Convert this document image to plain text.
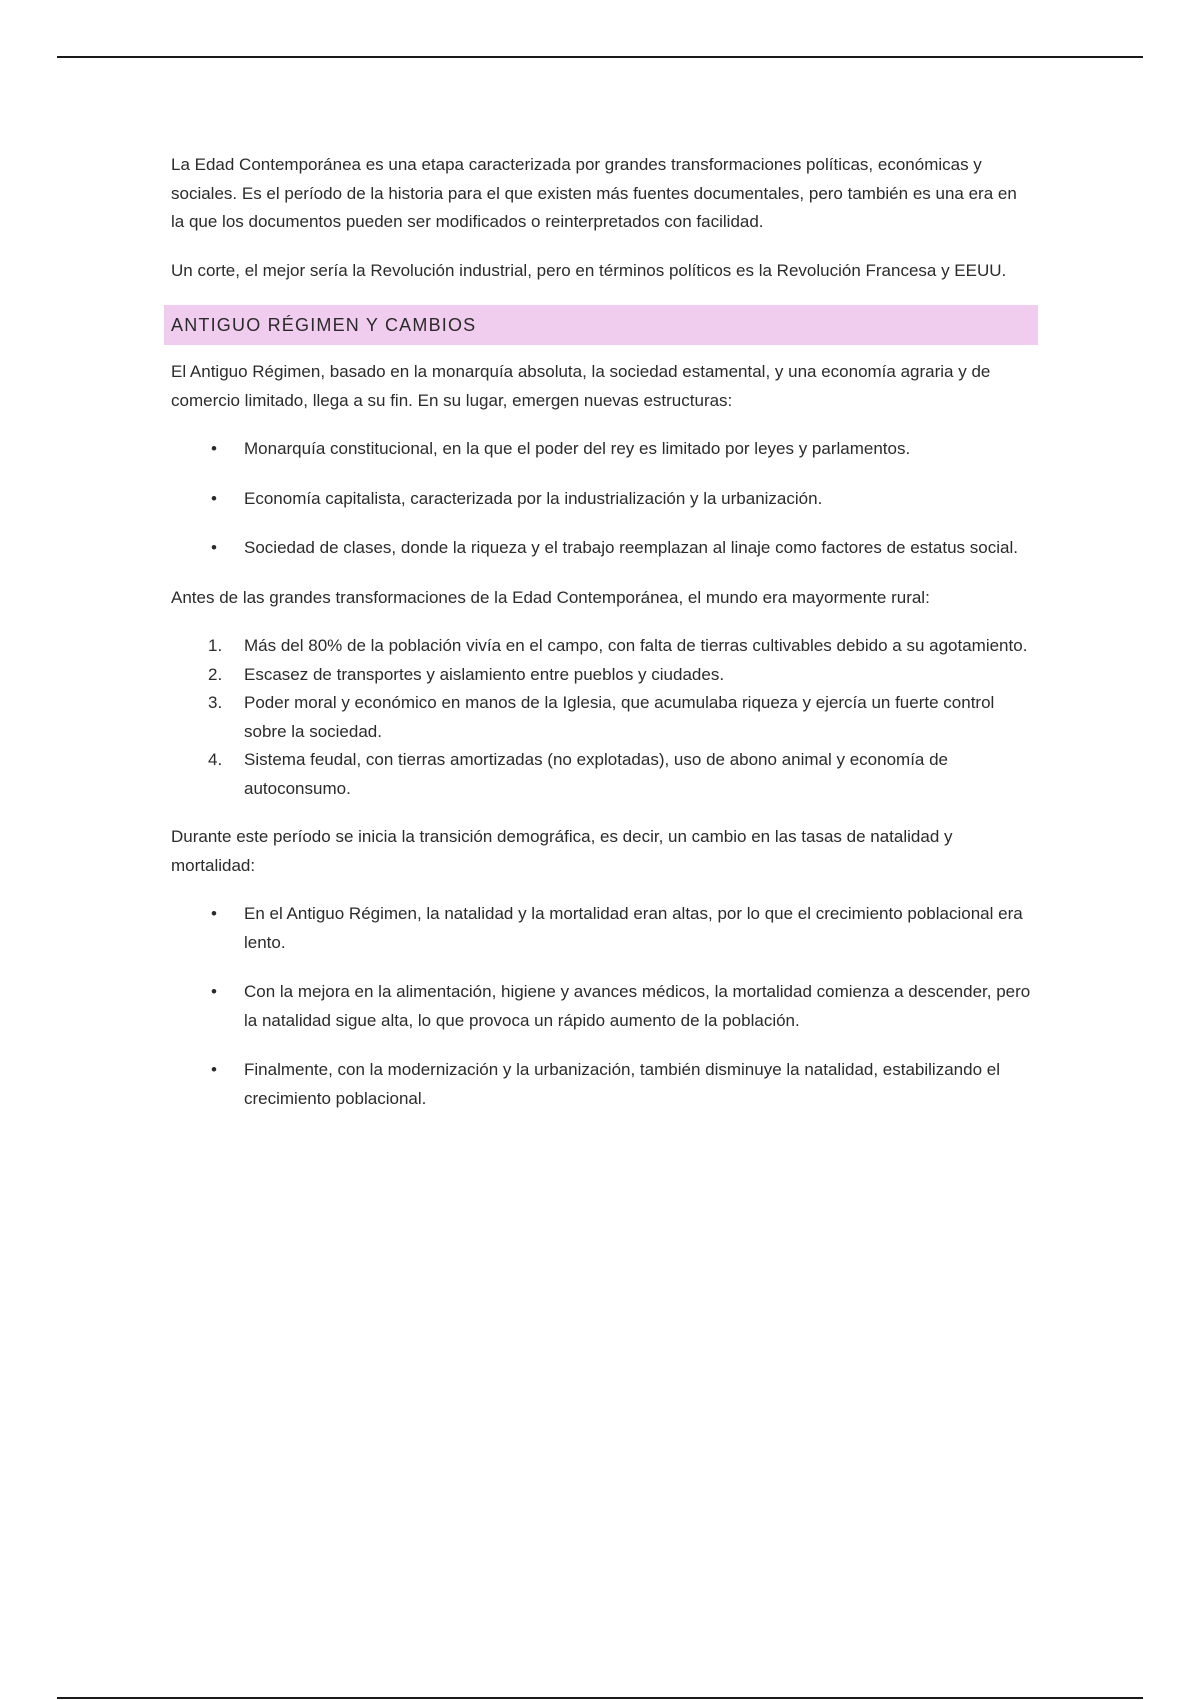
La Edad Contemporánea es una etapa caracterizada por grandes transformaciones políticas, económicas y sociales. Es el período de la historia para el que existen más fuentes documentales, pero también es una era en la que los documentos pueden ser modificados o reinterpretados con facilidad.

Un corte, el mejor sería la Revolución industrial, pero en términos políticos es la Revolución Francesa y EEUU.

ANTIGUO RÉGIMEN Y CAMBIOS

El Antiguo Régimen, basado en la monarquía absoluta, la sociedad estamental, y una economía agraria y de comercio limitado, llega a su fin. En su lugar, emergen nuevas estructuras:

• Monarquía constitucional, en la que el poder del rey es limitado por leyes y parlamentos.
• Economía capitalista, caracterizada por la industrialización y la urbanización.
• Sociedad de clases, donde la riqueza y el trabajo reemplazan al linaje como factores de estatus social.

Antes de las grandes transformaciones de la Edad Contemporánea, el mundo era mayormente rural:

1. Más del 80% de la población vivía en el campo, con falta de tierras cultivables debido a su agotamiento.
2. Escasez de transportes y aislamiento entre pueblos y ciudades.
3. Poder moral y económico en manos de la Iglesia, que acumulaba riqueza y ejercía un fuerte control sobre la sociedad.
4. Sistema feudal, con tierras amortizadas (no explotadas), uso de abono animal y economía de autoconsumo.

Durante este período se inicia la transición demográfica, es decir, un cambio en las tasas de natalidad y mortalidad:

• En el Antiguo Régimen, la natalidad y la mortalidad eran altas, por lo que el crecimiento poblacional era lento.
• Con la mejora en la alimentación, higiene y avances médicos, la mortalidad comienza a descender, pero la natalidad sigue alta, lo que provoca un rápido aumento de la población.
• Finalmente, con la modernización y la urbanización, también disminuye la natalidad, estabilizando el crecimiento poblacional.
